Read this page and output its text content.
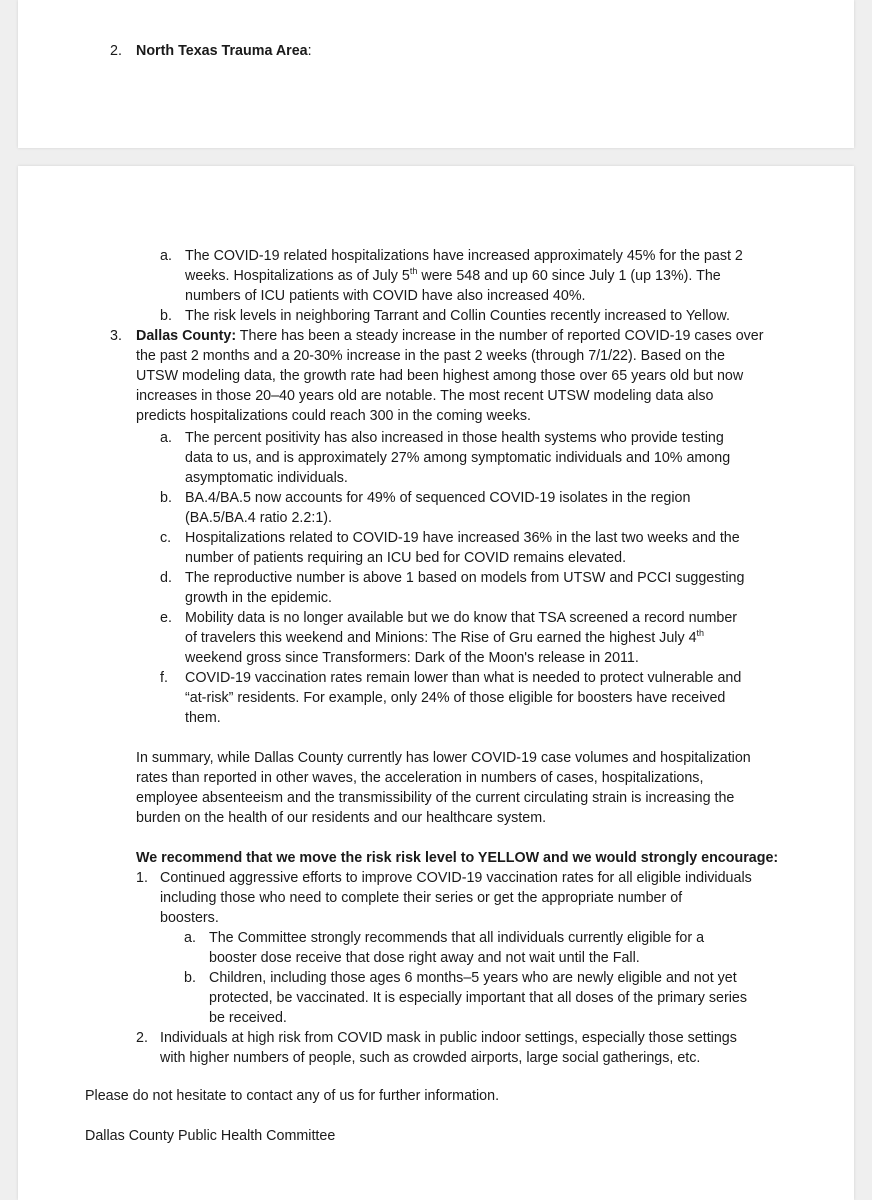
2. North Texas Trauma Area:
a. The COVID-19 related hospitalizations have increased approximately 45% for the past 2
weeks. Hospitalizations as of July 5th were 548 and up 60 since July 1 (up 13%). The
numbers of ICU patients with COVID have also increased 40%.
b. The risk levels in neighboring Tarrant and Collin Counties recently increased to Yellow.
3. Dallas County: There has been a steady increase in the number of reported COVID-19 cases over
the past 2 months and a 20-30% increase in the past 2 weeks (through 7/1/22). Based on the
UTSW modeling data, the growth rate had been highest among those over 65 years old but now
increases in those 20–40 years old are notable. The most recent UTSW modeling data also
predicts hospitalizations could reach 300 in the coming weeks.
a. The percent positivity has also increased in those health systems who provide testing
data to us, and is approximately 27% among symptomatic individuals and 10% among
asymptomatic individuals.
b. BA.4/BA.5 now accounts for 49% of sequenced COVID-19 isolates in the region
(BA.5/BA.4 ratio 2.2:1).
c. Hospitalizations related to COVID-19 have increased 36% in the last two weeks and the
number of patients requiring an ICU bed for COVID remains elevated.
d. The reproductive number is above 1 based on models from UTSW and PCCI suggesting
growth in the epidemic.
e. Mobility data is no longer available but we do know that TSA screened a record number
of travelers this weekend and Minions: The Rise of Gru earned the highest July 4th
weekend gross since Transformers: Dark of the Moon's release in 2011.
f. COVID-19 vaccination rates remain lower than what is needed to protect vulnerable and
“at-risk” residents. For example, only 24% of those eligible for boosters have received
them.
In summary, while Dallas County currently has lower COVID-19 case volumes and hospitalization
rates than reported in other waves, the acceleration in numbers of cases, hospitalizations,
employee absenteeism and the transmissibility of the current circulating strain is increasing the
burden on the health of our residents and our healthcare system.
We recommend that we move the risk risk level to YELLOW and we would strongly encourage:
1. Continued aggressive efforts to improve COVID-19 vaccination rates for all eligible individuals
including those who need to complete their series or get the appropriate number of
boosters.
a. The Committee strongly recommends that all individuals currently eligible for a
booster dose receive that dose right away and not wait until the Fall.
b. Children, including those ages 6 months–5 years who are newly eligible and not yet
protected, be vaccinated. It is especially important that all doses of the primary series
be received.
2. Individuals at high risk from COVID mask in public indoor settings, especially those settings
with higher numbers of people, such as crowded airports, large social gatherings, etc.
Please do not hesitate to contact any of us for further information.
Dallas County Public Health Committee
